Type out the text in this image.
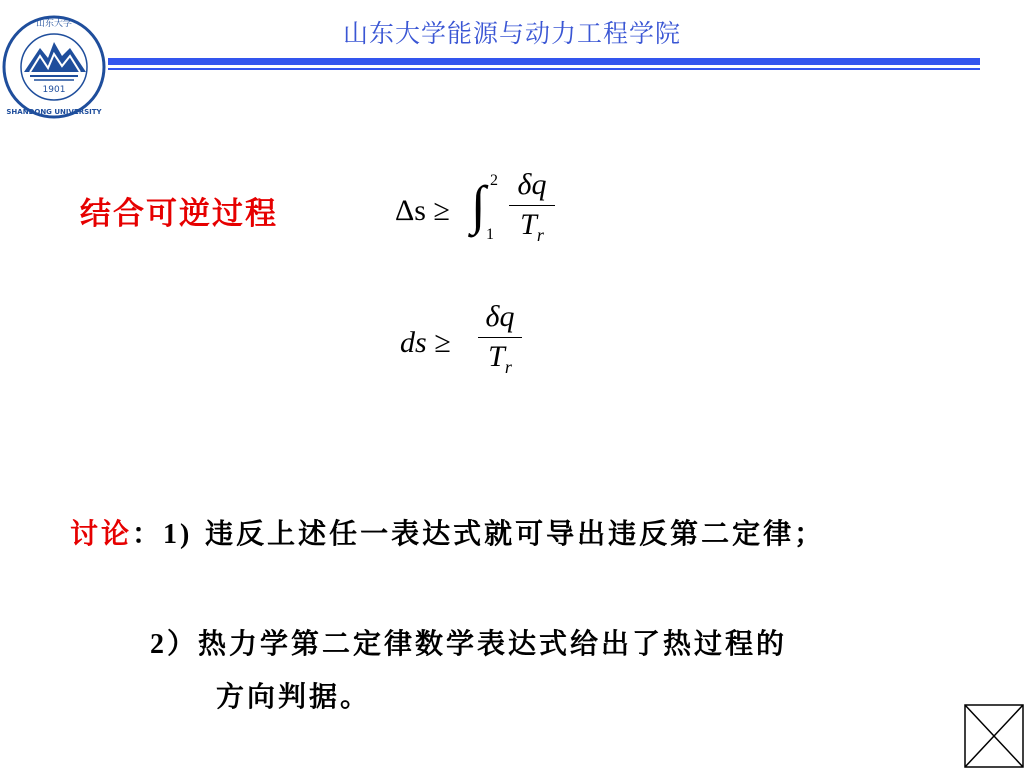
1901
山东大学
SHANDONG UNIVERSITY
山东大学能源与动力工程学院
结合可逆过程	Δs ≥ ∫ 2
1
δq
$T_r$
ds ≥
δq
$T_r$
讨论：1) 违反上述任一表达式就可导出违反第二定律；
2）热力学第二定律数学表达式给出了热过程的
方向判据。
